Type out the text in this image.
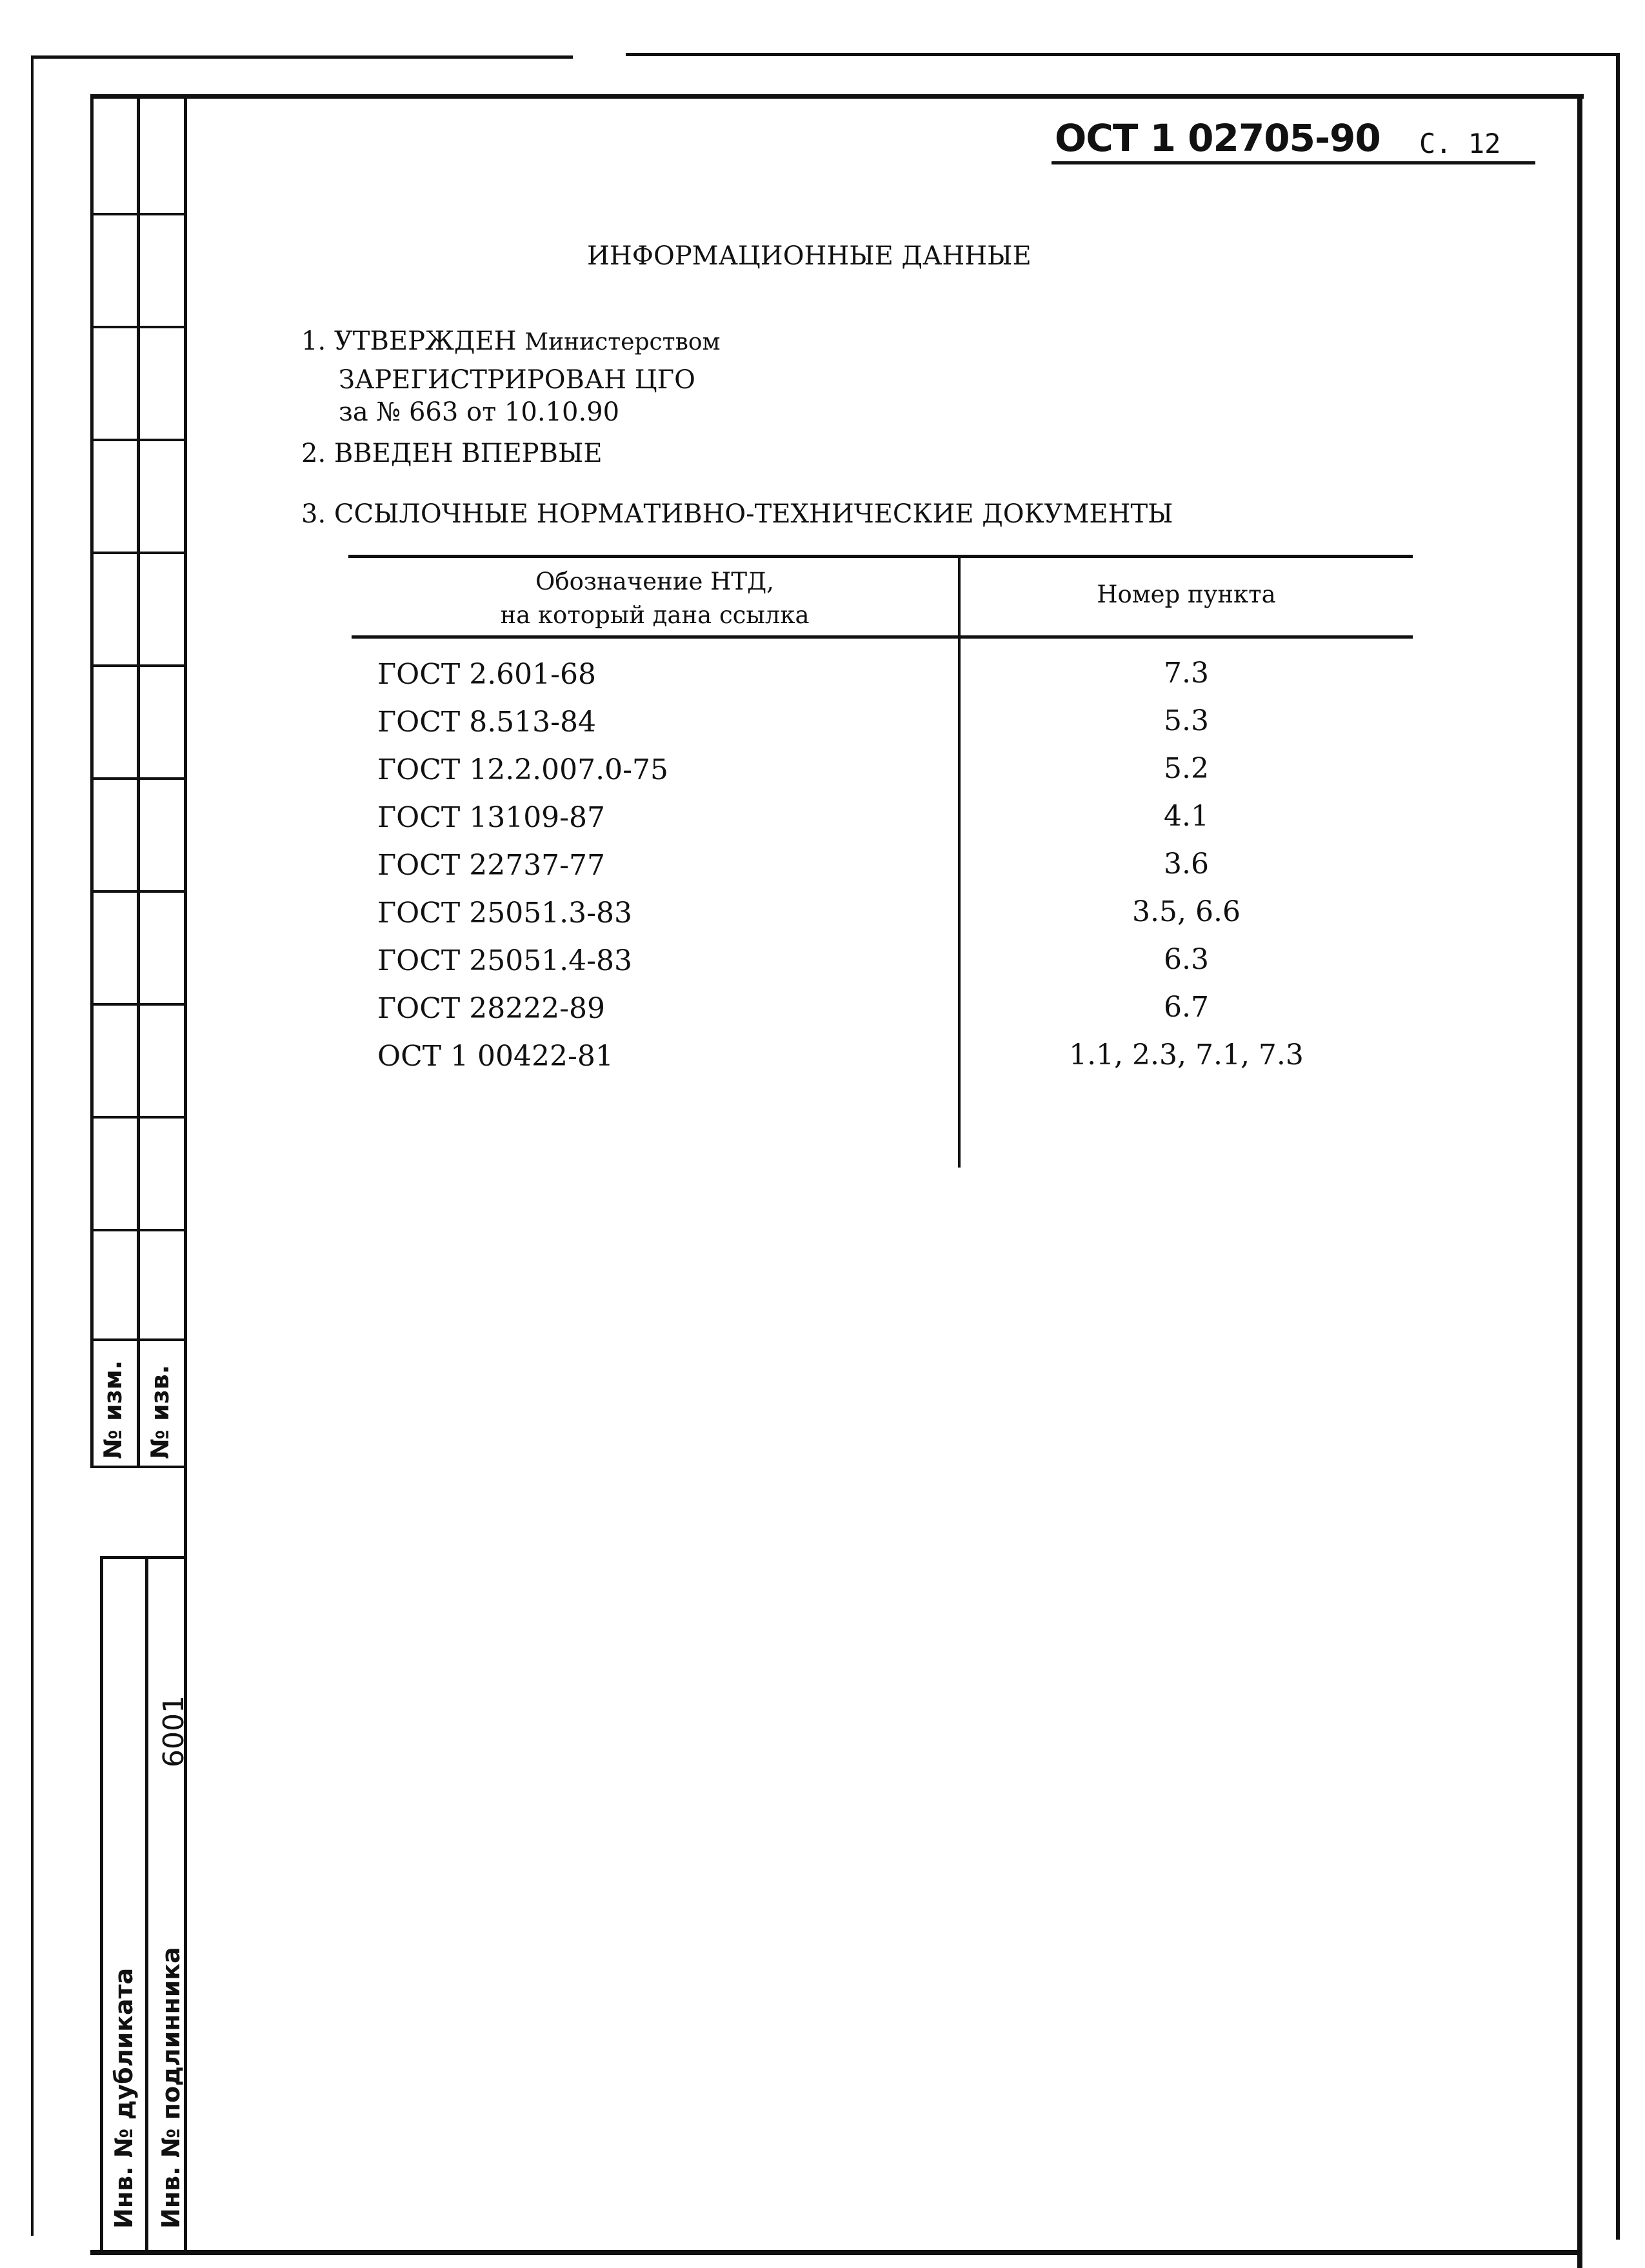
№ изм. № изв.
6001
Инв. № дубликата Инв. № подлинника
ОСТ 1 02705-90 С. 12
ИНФОРМАЦИОННЫЕ ДАННЫЕ
1. УТВЕРЖДЕН Министерством
ЗАРЕГИСТРИРОВАН ЦГО
за № 663 от 10.10.90
2. ВВЕДЕН ВПЕРВЫЕ
3. ССЫЛОЧНЫЕ НОРМАТИВНО-ТЕХНИЧЕСКИЕ ДОКУМЕНТЫ
Обозначение НТД,
на который дана ссылка
Номер пункта
ГОСТ 2.601-68	7.3
ГОСТ 8.513-84	5.3
ГОСТ 12.2.007.0-75	5.2
ГОСТ 13109-87	4.1
ГОСТ 22737-77	3.6
ГОСТ 25051.3-83	3.5, 6.6
ГОСТ 25051.4-83	6.3
ГОСТ 28222-89	6.7
ОСТ 1 00422-81	1.1, 2.3, 7.1, 7.3
